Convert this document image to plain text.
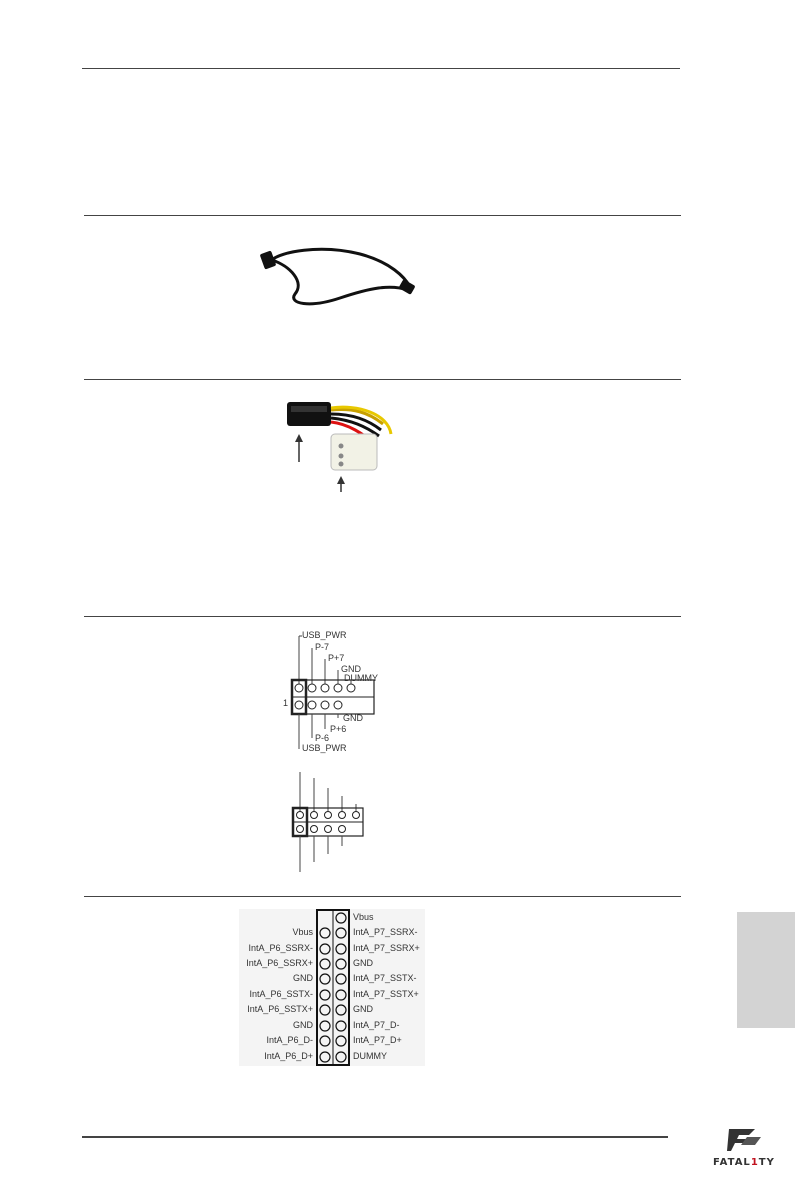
USB_PWR
P-7
P+7
GND
DUMMY
GND
P+6
P-6
USB_PWR
1
Vbus
IntA_P7_SSRX-
IntA_P7_SSRX+
GND
IntA_P7_SSTX-
IntA_P7_SSTX+
GND
IntA_P7_D-
IntA_P7_D+
DUMMY
Vbus
IntA_P6_SSRX-
IntA_P6_SSRX+
GND
IntA_P6_SSTX-
IntA_P6_SSTX+
GND
IntA_P6_D-
IntA_P6_D+
FATAL1TY
